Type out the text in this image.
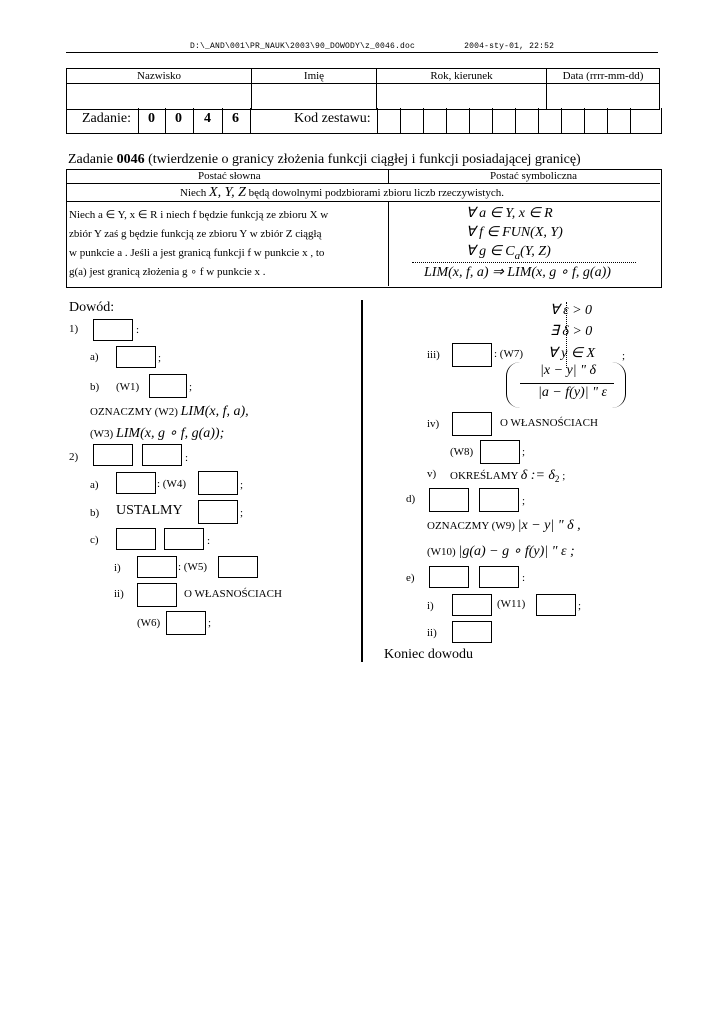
D:\_AND\001\PR_NAUK\2003\90_DOWODY\z_0046.doc	2004-sty-01, 22:52
Nazwisko	Imię	Rok, kierunek	Data (rrrr-mm-dd)

Zadanie: 0 0 4 6	Kod zestawu:
Zadanie 0046 (twierdzenie o granicy złożenia funkcji ciągłej i funkcji posiadającej granicę)
Postać słowna	Postać symboliczna
Niech X, Y, Z będą dowolnymi podzbiorami zbioru liczb rzeczywistych.
Niech a ∈ Y, x ∈ R i niech f będzie funkcją ze zbioru X w
zbiór Y zaś g będzie funkcją ze zbioru Y w zbiór Z ciągłą
w punkcie a . Jeśli a jest granicą funkcji f w punkcie x , to
g(a) jest granicą złożenia g ∘ f w punkcie x .
∀ a ∈ Y, x ∈ R
∀ f ∈ FUN(X, Y)
∀ g ∈ $C_a(Y$, Z)
LIM(x, f, a) ⇒ LIM(x, g ∘ f, g(a))
Dowód:
1)	:
a)	;
b) (W1)	;
OZNACZMY (W2) LIM(x, f, a),
(W3) LIM(x, g ∘ f, g(a));
2)	:
a)	: (W4)	;
b) USTALMY	;
c)	:
i)	: (W5)
ii)	O WŁASNOŚCIACH
(W6)	;
∀ ε > 0
∃ δ > 0
iii)	: (W7) ∀ y ∈ X ;
|x − y| " δ
|a − f(y)| " ε
iv)	O WŁASNOŚCIACH
(W8)	;
v) OKREŚLAMY δ := $\delta_2$ ;
d)	;
OZNACZMY (W9) |x − y| " δ ,
(W10) |g(a) − g ∘ f(y)| " ε ;
e)	:
i)	(W11)	;
ii)
Koniec dowodu
